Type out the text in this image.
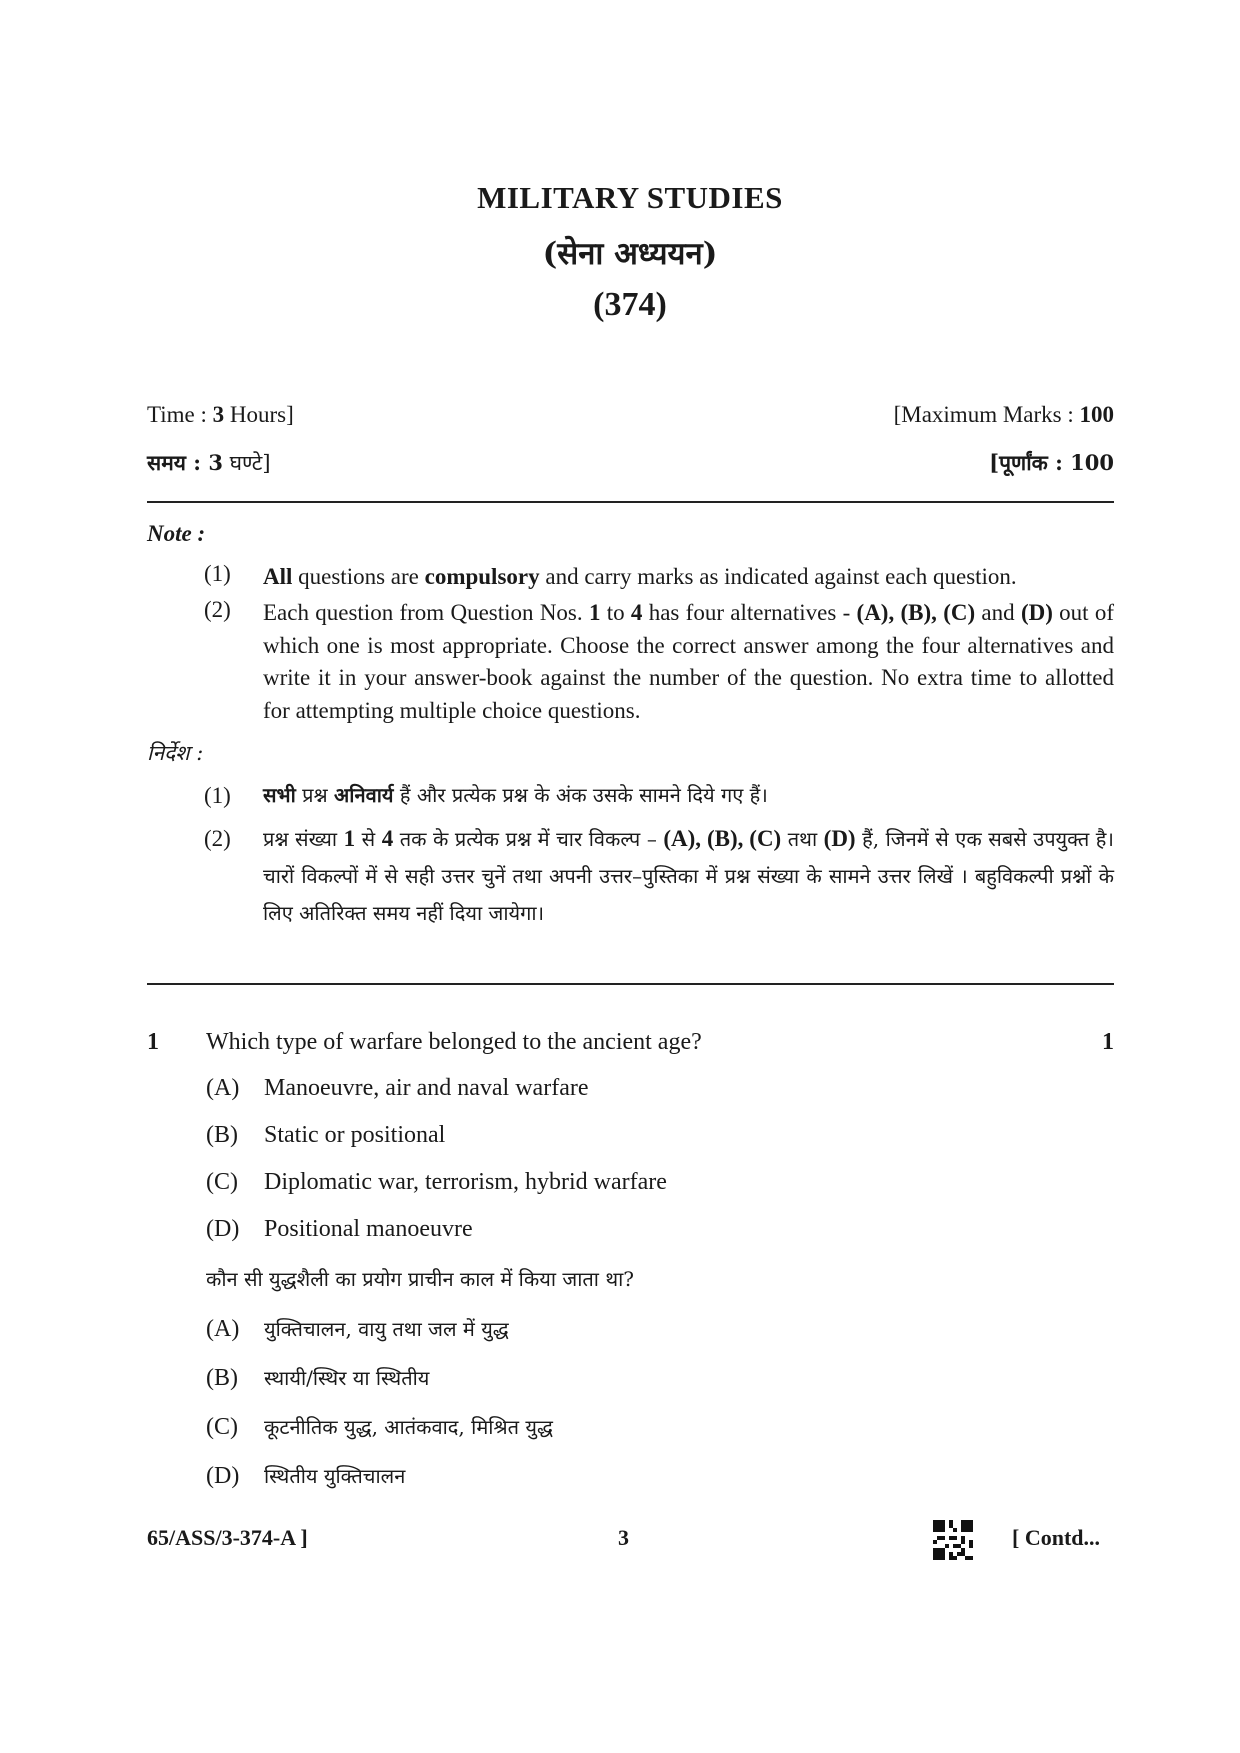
MILITARY STUDIES
(सेना अध्ययन)
(374)
Time : 3 Hours]	[Maximum Marks : 100
समय : 3 घण्टे]	[पूर्णांक : 100
Note :
(1) All questions are compulsory and carry marks as indicated against each question.
(2) Each question from Question Nos. 1 to 4 has four alternatives - (A), (B), (C) and (D) out of which one is most appropriate. Choose the correct answer among the four alternatives and write it in your answer-book against the number of the question. No extra time to allotted for attempting multiple choice questions.
निर्देश :
(1) सभी प्रश्न अनिवार्य हैं और प्रत्येक प्रश्न के अंक उसके सामने दिये गए हैं।
(2) प्रश्न संख्या 1 से 4 तक के प्रत्येक प्रश्न में चार विकल्प – (A), (B), (C) तथा (D) हैं, जिनमें से एक सबसे उपयुक्त है। चारों विकल्पों में से सही उत्तर चुनें तथा अपनी उत्तर–पुस्तिका में प्रश्न संख्या के सामने उत्तर लिखें । बहुविकल्पी प्रश्नों के लिए अतिरिक्त समय नहीं दिया जायेगा।
1 Which type of warfare belonged to the ancient age?	1
(A) Manoeuvre, air and naval warfare
(B) Static or positional
(C) Diplomatic war, terrorism, hybrid warfare
(D) Positional manoeuvre
कौन सी युद्धशैली का प्रयोग प्राचीन काल में किया जाता था?
(A) युक्तिचालन, वायु तथा जल में युद्ध
(B) स्थायी/स्थिर या स्थितीय
(C) कूटनीतिक युद्ध, आतंकवाद, मिश्रित युद्ध
(D) स्थितीय युक्तिचालन
65/ASS/3-374-A ]	3	[ Contd...
